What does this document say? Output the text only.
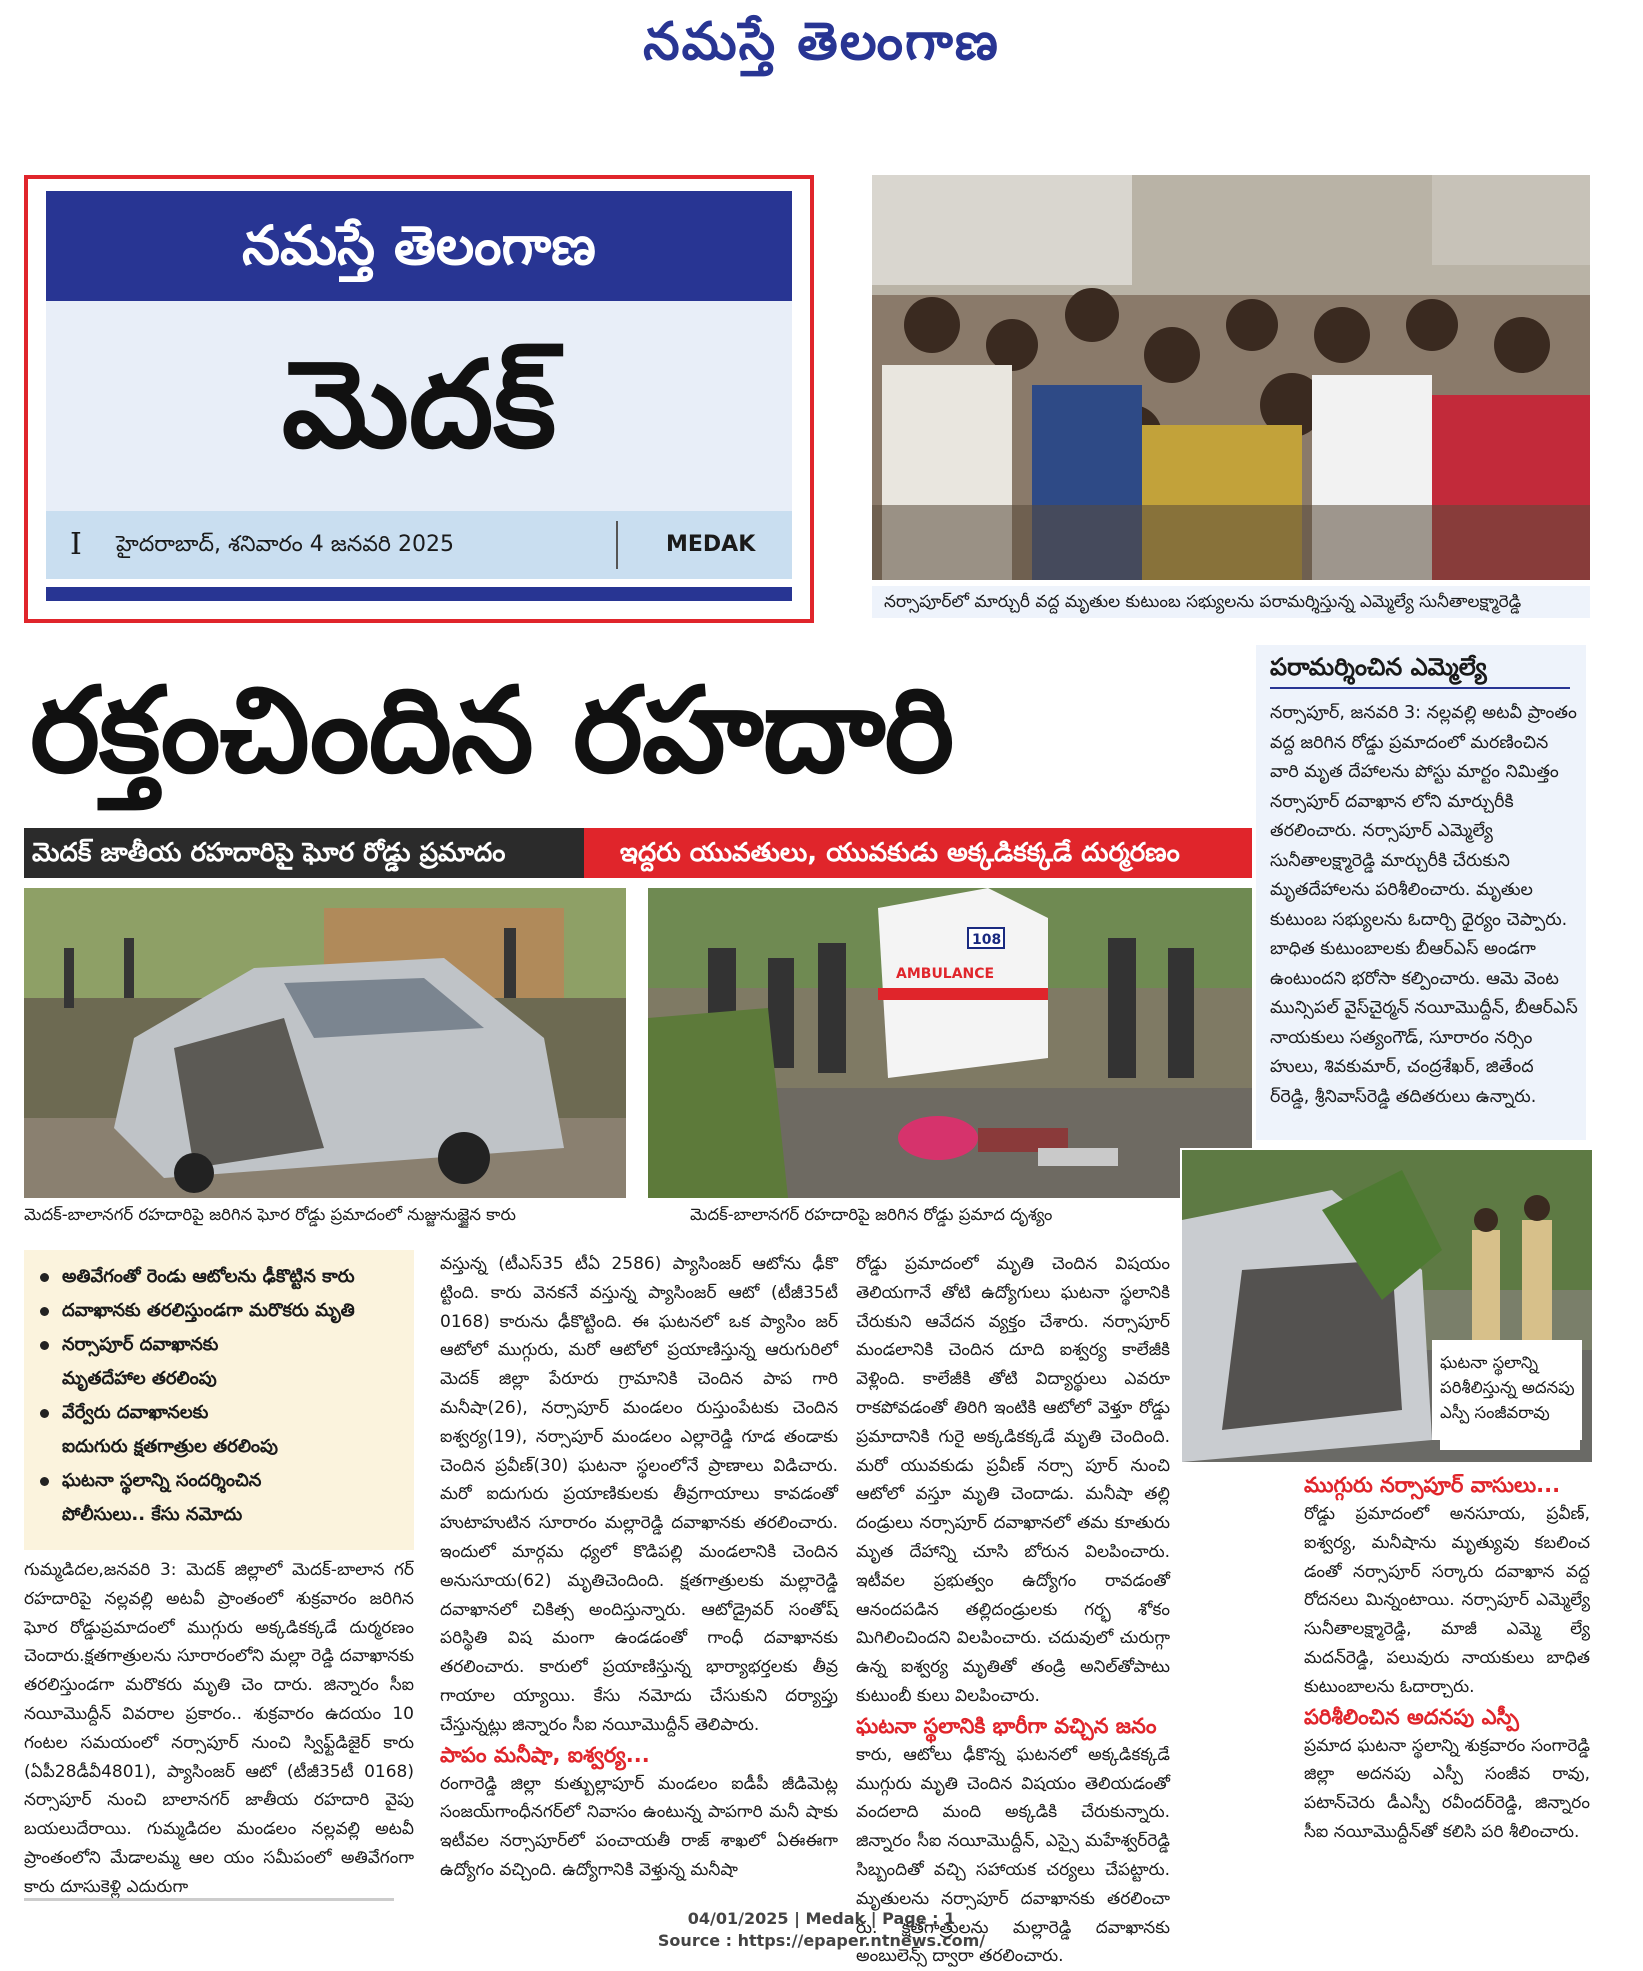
నమస్తే తెలంగాణ
నమస్తే తెలంగాణ
మెదక్
I హైదరాబాద్, శనివారం 4 జనవరి 2025	MEDAK
నర్సాపూర్‌లో మార్చురీ వద్ద మృతుల కుటుంబ సభ్యులను పరామర్శిస్తున్న ఎమ్మెల్యే సునీతాలక్ష్మారెడ్డి
రక్తంచిందిన రహదారి
మెదక్ జాతీయ రహదారిపై ఘోర రోడ్డు ప్రమాదం	ఇద్దరు యువతులు, యువకుడు అక్కడికక్కడే దుర్మరణం
పరామర్శించిన ఎమ్మెల్యే

నర్సాపూర్, జనవరి 3: నల్లవల్లి అటవీ ప్రాంతం వద్ద జరిగిన రోడ్డు ప్రమాదంలో మరణించిన వారి మృత దేహాలను పోస్టు మార్టం నిమిత్తం నర్సాపూర్ దవాఖాన లోని మార్చురీకి తరలించారు. నర్సాపూర్ ఎమ్మెల్యే సునీతాలక్ష్మారెడ్డి మార్చురీకి చేరుకుని మృతదేహాలను పరిశీలించారు. మృతుల కుటుంబ సభ్యులను ఓదార్చి ధైర్యం చెప్పారు. బాధిత కుటుంబాలకు బీఆర్‌ఎస్ అండగా ఉంటుందని భరోసా కల్పించారు. ఆమె వెంట మున్సిపల్ వైస్‌చైర్మన్ నయీమొద్దీన్, బీఆర్‌ఎస్ నాయకులు సత్యంగౌడ్, సూరారం నర్సిం హులు, శివకుమార్, చంద్రశేఖర్, జితేంద ర్‌రెడ్డి, శ్రీనివాస్‌రెడ్డి తదితరులు ఉన్నారు.

మెదక్-బాలానగర్ రహదారిపై జరిగిన ఘోర రోడ్డు ప్రమాదంలో నుజ్జునుజ్జైన కారు
AMBULANCE
108
మెదక్-బాలానగర్ రహదారిపై జరిగిన రోడ్డు ప్రమాద దృశ్యం
ఘటనా స్థలాన్ని పరిశీలిస్తున్న అదనపు ఎస్పీ సంజీవరావు
అతివేగంతో రెండు ఆటోలను ఢీకొట్టిన కారు
దవాఖానకు తరలిస్తుండగా మరొకరు మృతి
నర్సాపూర్ దవాఖానకు
మృతదేహాల తరలింపు
వేర్వేరు దవాఖానలకు
ఐదుగురు క్షతగాత్రుల తరలింపు
ఘటనా స్థలాన్ని సందర్శించిన
పోలీసులు.. కేసు నమోదు
గుమ్మడిదల,జనవరి 3: మెదక్ జిల్లాలో మెదక్-బాలాన గర్ రహదారిపై నల్లవల్లి అటవీ ప్రాంతంలో శుక్రవారం జరిగిన ఘోర రోడ్డుప్రమాదంలో ముగ్గురు అక్కడికక్కడే దుర్మరణం చెందారు.క్షతగాత్రులను సూరారంలోని మల్లా రెడ్డి దవాఖానకు తరలిస్తుండగా మరొకరు మృతి చెం దారు. జిన్నారం సీఐ నయీమొద్దీన్ వివరాల ప్రకారం.. శుక్రవారం ఉదయం 10 గంటల సమయంలో నర్సాపూర్ నుంచి స్విఫ్ట్‌డిజైర్ కారు (ఏపీ28డీవీ4801), ప్యాసింజర్ ఆటో (టీజీ35టీ 0168) నర్సాపూర్ నుంచి బాలానగర్ జాతీయ రహదారి వైపు బయలుదేరాయి. గుమ్మడిదల మండలం నల్లవల్లి అటవీ ప్రాంతంలోని మేడాలమ్మ ఆల యం సమీపంలో అతివేగంగా కారు దూసుకెళ్లి ఎదురుగా
వస్తున్న (టీఎస్35 టీఏ 2586) ప్యాసింజర్ ఆటోను ఢీకొ ట్టింది. కారు వెనకనే వస్తున్న ప్యాసింజర్ ఆటో (టీజీ35టీ 0168) కారును ఢీకొట్టింది. ఈ ఘటనలో ఒక ప్యాసిం జర్ ఆటోలో ముగ్గురు, మరో ఆటోలో ప్రయాణిస్తున్న ఆరుగురిలో మెదక్ జిల్లా పేరూరు గ్రామానికి చెందిన పాప గారి మనీషా(26), నర్సాపూర్ మండలం రుస్తుంపేటకు చెందిన ఐశ్వర్య(19), నర్సాపూర్ మండలం ఎల్లారెడ్డి గూడ తండాకు చెందిన ప్రవీణ్(30) ఘటనా స్థలంలోనే ప్రాణాలు విడిచారు. మరో ఐదుగురు ప్రయాణికులకు తీవ్రగాయాలు కావడంతో హుటాహుటిన సూరారం మల్లారెడ్డి దవాఖానకు తరలించారు. ఇందులో మార్గమ ధ్యలో కొడిపల్లి మండలానికి చెందిన అనుసూయ(62) మృతిచెందింది. క్షతగాత్రులకు మల్లారెడ్డి దవాఖానలో చికిత్స అందిస్తున్నారు. ఆటోడ్రైవర్ సంతోష్ పరిస్థితి విష మంగా ఉండడంతో గాంధీ దవాఖానకు తరలించారు. కారులో ప్రయాణిస్తున్న భార్యాభర్తలకు తీవ్ర గాయాల య్యాయి. కేసు నమోదు చేసుకుని దర్యాప్తు చేస్తున్నట్లు జిన్నారం సీఐ నయీమొద్దీన్ తెలిపారు.
పాపం మనీషా, ఐశ్వర్య...
రంగారెడ్డి జిల్లా కుత్బుల్లాపూర్ మండలం ఐడీపీ జీడిమెట్ల సంజయ్‌గాంధీనగర్‌లో నివాసం ఉంటున్న పాపగారి మనీ షాకు ఇటీవల నర్సాపూర్‌లో పంచాయతీ రాజ్ శాఖలో ఏఈఈగా ఉద్యోగం వచ్చింది. ఉద్యోగానికి వెళ్తున్న మనీషా
రోడ్డు ప్రమాదంలో మృతి చెందిన విషయం తెలియగానే తోటి ఉద్యోగులు ఘటనా స్థలానికి చేరుకుని ఆవేదన వ్యక్తం చేశారు. నర్సాపూర్ మండలానికి చెందిన దూది ఐశ్వర్య కాలేజీకి వెళ్లింది. కాలేజీకి తోటి విద్యార్థులు ఎవరూ రాకపోవడంతో తిరిగి ఇంటికి ఆటోలో వెళ్తూ రోడ్డు ప్రమాదానికి గురై అక్కడికక్కడే మృతి చెందింది. మరో యువకుడు ప్రవీణ్ నర్సా పూర్ నుంచి ఆటోలో వస్తూ మృతి చెందాడు. మనీషా తల్లి దండ్రులు నర్సాపూర్ దవాఖానలో తమ కూతురు మృత దేహాన్ని చూసి బోరున విలపించారు. ఇటీవల ప్రభుత్వం ఉద్యోగం రావడంతో ఆనందపడిన తల్లిదండ్రులకు గర్భ శోకం మిగిలించిందని విలపించారు. చదువులో చురుగ్గా ఉన్న ఐశ్వర్య మృతితో తండ్రి అనిల్‌తోపాటు కుటుంబీ కులు విలపించారు.
ఘటనా స్థలానికి భారీగా వచ్చిన జనం
కారు, ఆటోలు ఢీకొన్న ఘటనలో అక్కడికక్కడే ముగ్గురు మృతి చెందిన విషయం తెలియడంతో వందలాది మంది అక్కడికి చేరుకున్నారు. జిన్నారం సీఐ నయీమొద్దీన్, ఎస్సై మహేశ్వర్‌రెడ్డి సిబ్బందితో వచ్చి సహాయక చర్యలు చేపట్టారు. మృతులను నర్సాపూర్ దవాఖానకు తరలించా రు. క్షతగాత్రులను మల్లారెడ్డి దవాఖానకు అంబులెన్స్ ద్వారా తరలించారు.
ముగ్గురు నర్సాపూర్ వాసులు...
రోడ్డు ప్రమాదంలో అనసూయ, ప్రవీణ్, ఐశ్వర్య, మనీషాను మృత్యువు కబలించ డంతో నర్సాపూర్ సర్కారు దవాఖాన వద్ద రోదనలు మిన్నంటాయి. నర్సాపూర్ ఎమ్మెల్యే సునీతాలక్ష్మారెడ్డి, మాజీ ఎమ్మె ల్యే మదన్‌రెడ్డి, పలువురు నాయకులు బాధిత కుటుంబాలను ఓదార్చారు.
పరిశీలించిన అదనపు ఎస్పీ
ప్రమాద ఘటనా స్థలాన్ని శుక్రవారం సంగారెడ్డి జిల్లా అదనపు ఎస్పీ సంజీవ రావు, పటాన్‌చెరు డీఎస్పీ రవీందర్‌రెడ్డి, జిన్నారం సీఐ నయీమొద్దీన్‌తో కలిసి పరి శీలించారు.
04/01/2025 | Medak | Page : 1
Source : https://epaper.ntnews.com/
